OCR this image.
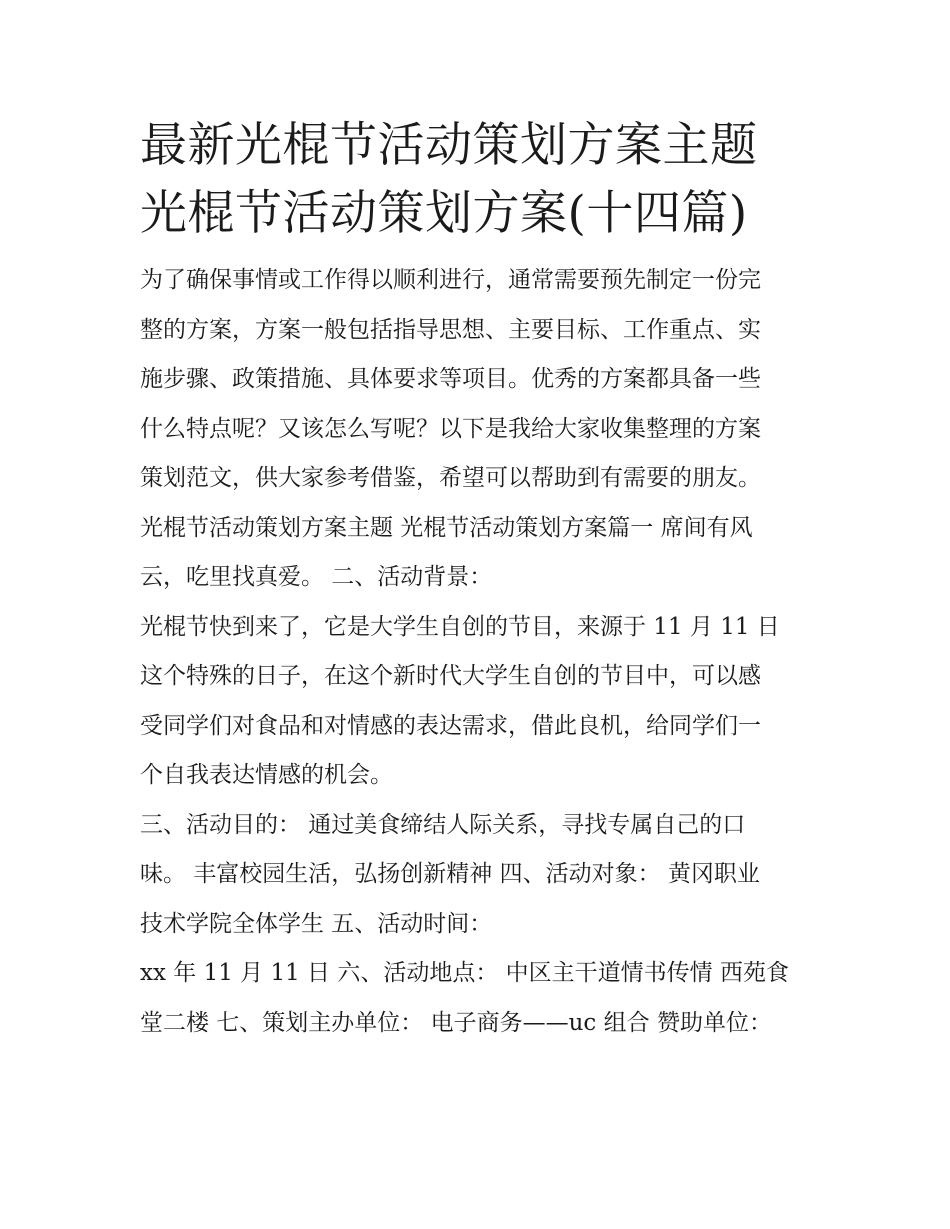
最新光棍节活动策划方案主题
光棍节活动策划方案(十四篇)
为了确保事情或工作得以顺利进行，通常需要预先制定一份完
整的方案，方案一般包括指导思想、主要目标、工作重点、实
施步骤、政策措施、具体要求等项目。优秀的方案都具备一些
什么特点呢？又该怎么写呢？以下是我给大家收集整理的方案
策划范文，供大家参考借鉴，希望可以帮助到有需要的朋友。
光棍节活动策划方案主题 光棍节活动策划方案篇一 席间有风
云，吃里找真爱。 二、活动背景：
光棍节快到来了，它是大学生自创的节目，来源于 11 月 11 日
这个特殊的日子，在这个新时代大学生自创的节目中，可以感
受同学们对食品和对情感的表达需求，借此良机，给同学们一
个自我表达情感的机会。
三、活动目的： 通过美食缔结人际关系，寻找专属自己的口
味。 丰富校园生活，弘扬创新精神 四、活动对象： 黄冈职业
技术学院全体学生 五、活动时间：
xx 年 11 月 11 日 六、活动地点： 中区主干道情书传情 西苑食
堂二楼 七、策划主办单位： 电子商务——uc 组合 赞助单位：
